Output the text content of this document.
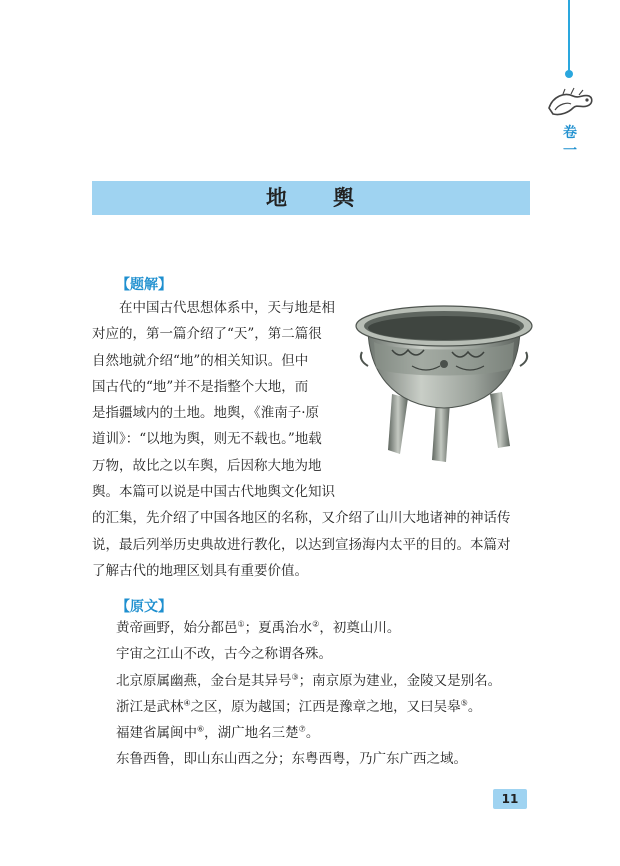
卷
一
地 舆
【题解】
　　在中国古代思想体系中，天与地是相
对应的，第一篇介绍了“天”，第二篇很
自然地就介绍“地”的相关知识。但中
国古代的“地”并不是指整个大地，而
是指疆域内的土地。地舆，《淮南子·原
道训》：“以地为舆，则无不载也。”地载
万物，故比之以车舆，后因称大地为地
舆。本篇可以说是中国古代地舆文化知识
的汇集，先介绍了中国各地区的名称，又介绍了山川大地诸神的神话传
说，最后列举历史典故进行教化，以达到宣扬海内太平的目的。本篇对
了解古代的地理区划具有重要价值。
【原文】
黄帝画野，始分都邑①；夏禹治水②，初奠山川。
宇宙之江山不改，古今之称谓各殊。
北京原属幽燕，金台是其异号③；南京原为建业，金陵又是别名。
浙江是武林④之区，原为越国；江西是豫章之地，又曰吴皋⑤。
福建省属闽中⑥，湖广地名三楚⑦。
东鲁西鲁，即山东山西之分；东粤西粤，乃广东广西之域。
11
